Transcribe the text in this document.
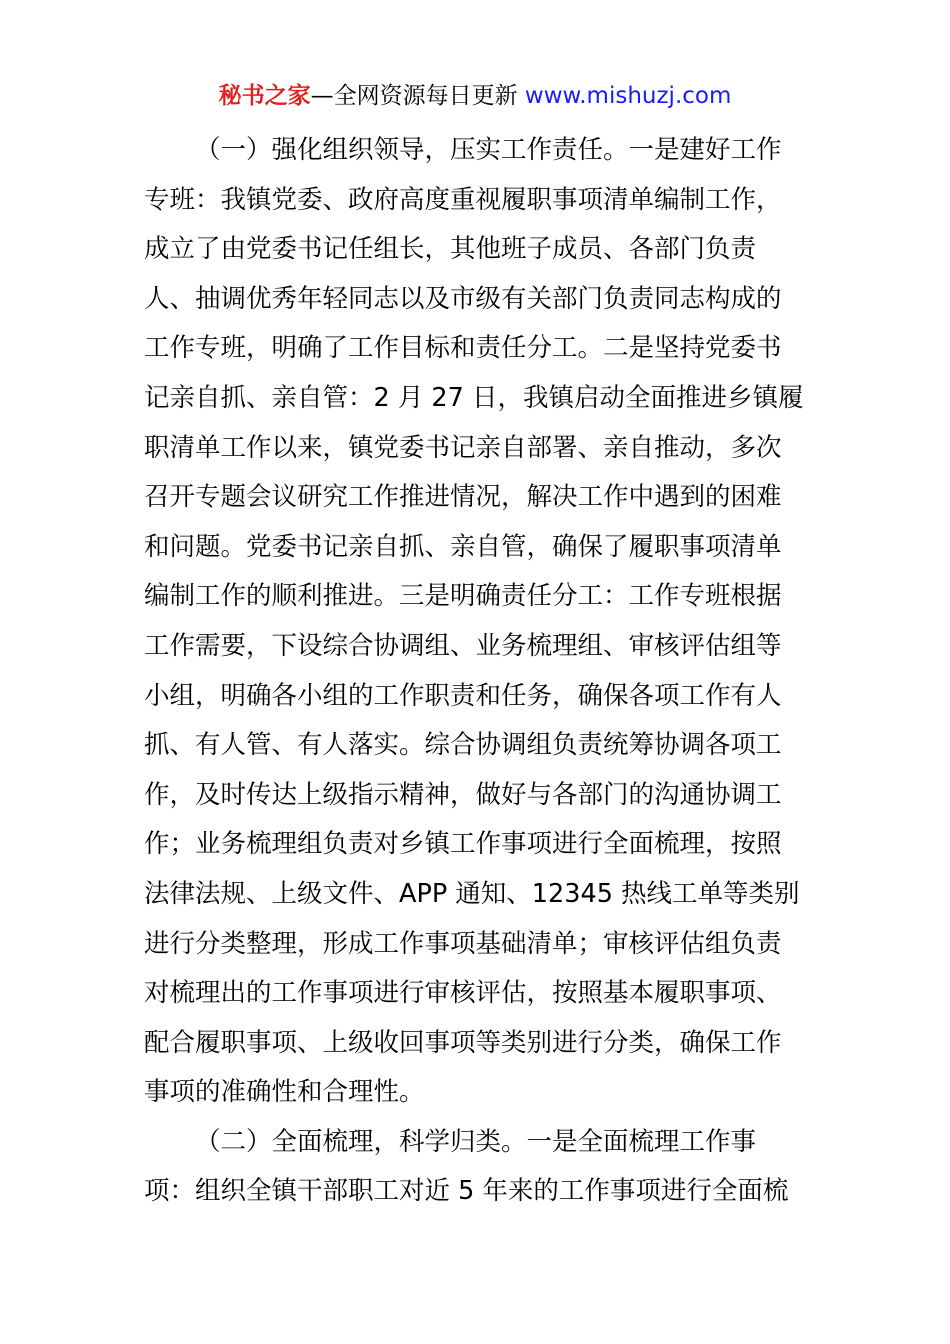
秘书之家—全网资源每日更新 www.mishuzj.com
（一）强化组织领导，压实工作责任。一是建好工作
专班：我镇党委、政府高度重视履职事项清单编制工作，
成立了由党委书记任组长，其他班子成员、各部门负责
人、抽调优秀年轻同志以及市级有关部门负责同志构成的
工作专班，明确了工作目标和责任分工。二是坚持党委书
记亲自抓、亲自管：2 月 27 日，我镇启动全面推进乡镇履
职清单工作以来，镇党委书记亲自部署、亲自推动，多次
召开专题会议研究工作推进情况，解决工作中遇到的困难
和问题。党委书记亲自抓、亲自管，确保了履职事项清单
编制工作的顺利推进。三是明确责任分工：工作专班根据
工作需要，下设综合协调组、业务梳理组、审核评估组等
小组，明确各小组的工作职责和任务，确保各项工作有人
抓、有人管、有人落实。综合协调组负责统筹协调各项工
作，及时传达上级指示精神，做好与各部门的沟通协调工
作；业务梳理组负责对乡镇工作事项进行全面梳理，按照
法律法规、上级文件、APP 通知、12345 热线工单等类别
进行分类整理，形成工作事项基础清单；审核评估组负责
对梳理出的工作事项进行审核评估，按照基本履职事项、
配合履职事项、上级收回事项等类别进行分类，确保工作
事项的准确性和合理性。
（二）全面梳理，科学归类。一是全面梳理工作事
项：组织全镇干部职工对近 5 年来的工作事项进行全面梳
